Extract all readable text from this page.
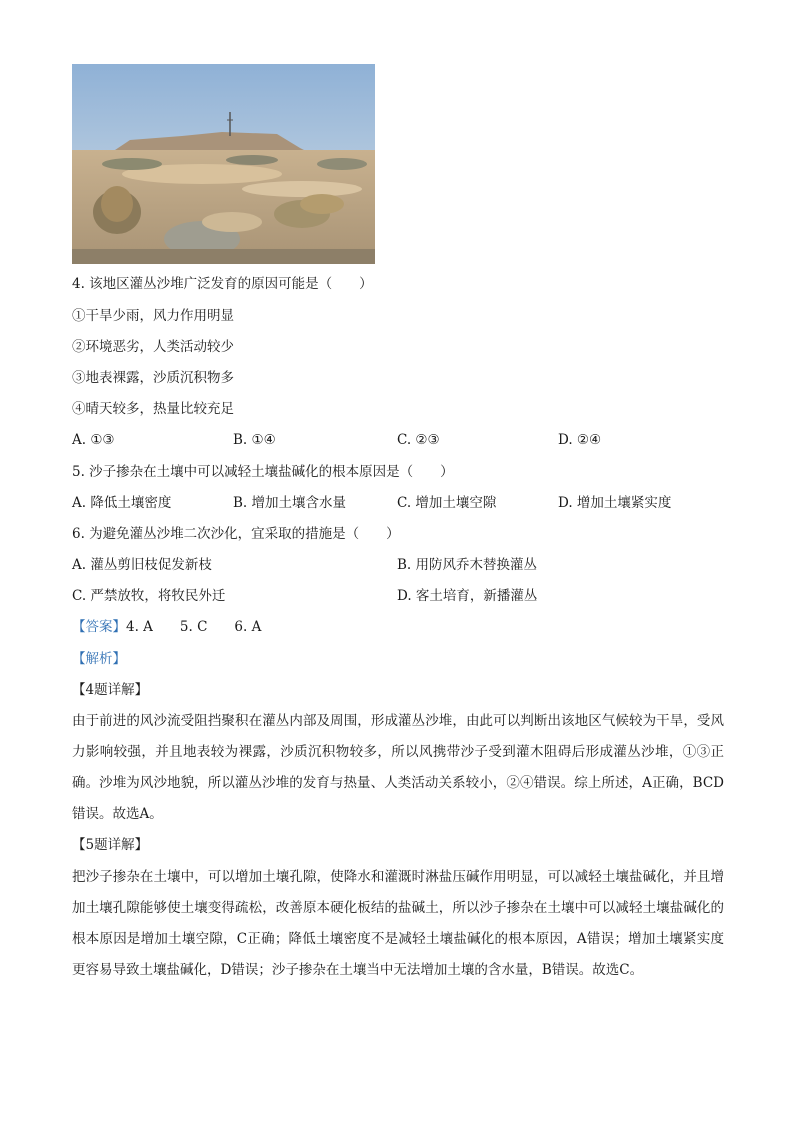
4. 该地区灌丛沙堆广泛发育的原因可能是（　　）
①干旱少雨，风力作用明显
②环境恶劣，人类活动较少
③地表裸露，沙质沉积物多
④晴天较多，热量比较充足
A. ①③	B. ①④	C. ②③	D. ②④
5. 沙子掺杂在土壤中可以减轻土壤盐碱化的根本原因是（　　）
A. 降低土壤密度	B. 增加土壤含水量	C. 增加土壤空隙	D. 增加土壤紧实度
6. 为避免灌丛沙堆二次沙化，宜采取的措施是（　　）
A. 灌丛剪旧枝促发新枝	B. 用防风乔木替换灌丛
C. 严禁放牧，将牧民外迁	D. 客土培育，新播灌丛
【答案】4. A　　5. C　　6. A
【解析】
【4题详解】
由于前进的风沙流受阻挡聚积在灌丛内部及周围，形成灌丛沙堆，由此可以判断出该地区气候较为干旱，受风力影响较强，并且地表较为裸露，沙质沉积物较多，所以风携带沙子受到灌木阻碍后形成灌丛沙堆，①③正确。沙堆为风沙地貌，所以灌丛沙堆的发育与热量、人类活动关系较小，②④错误。综上所述，A正确，BCD错误。故选A。
【5题详解】
把沙子掺杂在土壤中，可以增加土壤孔隙，使降水和灌溉时淋盐压碱作用明显，可以减轻土壤盐碱化，并且增加土壤孔隙能够使土壤变得疏松，改善原本硬化板结的盐碱土，所以沙子掺杂在土壤中可以减轻土壤盐碱化的根本原因是增加土壤空隙，C正确；降低土壤密度不是减轻土壤盐碱化的根本原因，A错误；增加土壤紧实度更容易导致土壤盐碱化，D错误；沙子掺杂在土壤当中无法增加土壤的含水量，B错误。故选C。
